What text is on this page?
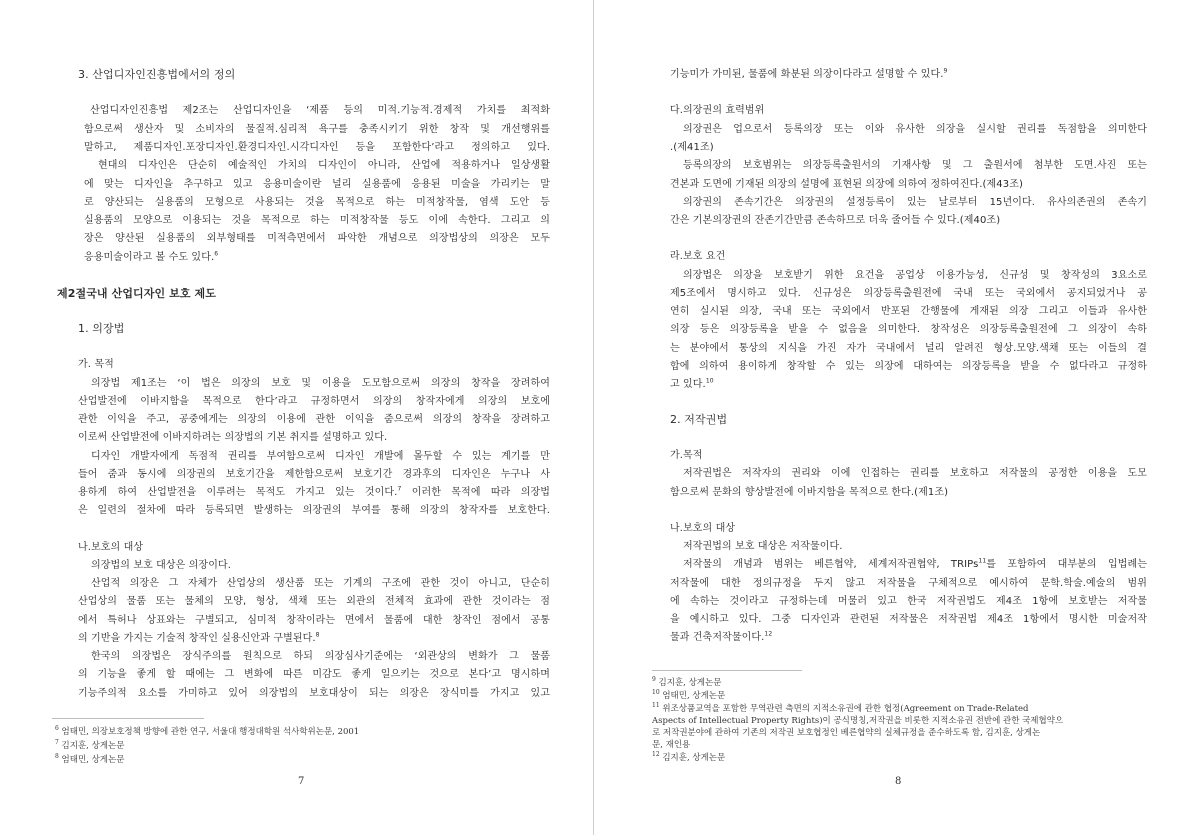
3. 산업디자인진흥법에서의 정의
산업디자인진흥법 제2조는 산업디자인을 ‘제품 등의 미적.기능적.경제적 가치를 최적화
함으로써 생산자 및 소비자의 물질적.심리적 욕구를 충족시키기 위한 창작 및 개선행위를
말하고, 제품디자인.포장디자인.환경디자인.시각디자인 등을 포함한다’라고 정의하고 있다.
현대의 디자인은 단순히 예술적인 가치의 디자인이 아니라, 산업에 적용하거나 일상생활
에 맞는 디자인을 추구하고 있고 응용미술이란 널리 실용품에 응용된 미술을 가리키는 말
로 양산되는 실용품의 모형으로 사용되는 것을 목적으로 하는 미적창작물, 염색 도안 등
실용품의 모양으로 이용되는 것을 목적으로 하는 미적창작물 등도 이에 속한다. 그리고 의
장은 양산된 실용품의 외부형태를 미적측면에서 파악한 개념으로 의장법상의 의장은 모두
응용미술이라고 볼 수도 있다.$^6$
제2절국내 산업디자인 보호 제도
1. 의장법
가. 목적
의장법 제1조는 ‘이 법은 의장의 보호 및 이용을 도모함으로써 의장의 창작을 장려하여
산업발전에 이바지함을 목적으로 한다’라고 규정하면서 의장의 창작자에게 의장의 보호에
관한 이익을 주고, 공중에게는 의장의 이용에 관한 이익을 줌으로써 의장의 창작을 장려하고
이로써 산업발전에 이바지하려는 의장법의 기본 취지를 설명하고 있다.
디자인 개발자에게 독점적 권리를 부여함으로써 디자인 개발에 몰두할 수 있는 계기를 만
들어 줌과 동시에 의장권의 보호기간을 제한함으로써 보호기간 경과후의 디자인은 누구나 사
용하게 하여 산업발전을 이루려는 목적도 가지고 있는 것이다.$^7$ 이러한 목적에 따라 의장법
은 일련의 절차에 따라 등록되면 발생하는 의장권의 부여를 통해 의장의 창작자를 보호한다.
나.보호의 대상
의장법의 보호 대상은 의장이다.
산업적 의장은 그 자체가 산업상의 생산품 또는 기계의 구조에 관한 것이 아니고, 단순히
산업상의 물품 또는 물체의 모양, 형상, 색채 또는 외관의 전체적 효과에 관한 것이라는 점
에서 특허나 상표와는 구별되고, 심미적 창작이라는 면에서 물품에 대한 창작인 점에서 공통
의 기반을 가지는 기술적 창작인 실용신안과 구별된다.$^8$
한국의 의장법은 장식주의를 원칙으로 하되 의장심사기준에는 ‘외관상의 변화가 그 물품
의 기능을 좋게 할 때에는 그 변화에 따른 미감도 좋게 일으키는 것으로 본다’고 명시하며
기능주의적 요소를 가미하고 있어 의장법의 보호대상이 되는 의장은 장식미를 가지고 있고
$^6$ 엄태민, 의장보호정책 방향에 관한 연구, 서울대 행정대학원 석사학위논문, 2001
$^7$ 김지훈, 상게논문
$^8$ 엄태민, 상게논문
7
기능미가 가미된, 물품에 화분된 의장이다라고 설명할 수 있다.$^9$
다.의장권의 효력범위
의장권은 업으로서 등록의장 또는 이와 유사한 의장을 실시할 권리를 독점함을 의미한다
.(제41조)
등록의장의 보호범위는 의장등록출원서의 기재사항 및 그 출원서에 첨부한 도면.사진 또는
견본과 도면에 기재된 의장의 설명에 표현된 의장에 의하여 정하여진다.(제43조)
의장권의 존속기간은 의장권의 설정등록이 있는 날로부터 15년이다. 유사의존권의 존속기
간은 기본의장권의 잔존기간만큼 존속하므로 더욱 줄어들 수 있다.(제40조)
라.보호 요건
의장법은 의장을 보호받기 위한 요건을 공업상 이용가능성, 신규성 및 창작성의 3요소로
제5조에서 명시하고 있다. 신규성은 의장등록출원전에 국내 또는 국외에서 공지되었거나 공
연히 실시된 의장, 국내 또는 국외에서 반포된 간행물에 게재된 의장 그리고 이들과 유사한
의장 등은 의장등록을 받을 수 없음을 의미한다. 창작성은 의장등록출원전에 그 의장이 속하
는 분야에서 통상의 지식을 가진 자가 국내에서 널리 알려진 형상.모양.색채 또는 이들의 결
합에 의하여 용이하게 창작할 수 있는 의장에 대하여는 의장등록을 받을 수 없다라고 규정하
고 있다.$^{10}$
2. 저작권법
가.목적
저작권법은 저작자의 권리와 이에 인접하는 권리를 보호하고 저작물의 공정한 이용을 도모
함으로써 문화의 향상발전에 이바지함을 목적으로 한다.(제1조)
나.보호의 대상
저작권법의 보호 대상은 저작물이다.
저작물의 개념과 범위는 베른협약, 세계저작권협약, TRIPs$^{11}$를 포함하여 대부분의 입법례는
저작물에 대한 정의규정을 두지 않고 저작물을 구체적으로 예시하여 문학.학술.예술의 범위
에 속하는 것이라고 규정하는데 머물러 있고 한국 저작권법도 제4조 1항에 보호받는 저작물
을 예시하고 있다. 그중 디자인과 관련된 저작물은 저작권법 제4조 1항에서 명시한 미술저작
물과 건축저작물이다.$^{12}$
$^9$ 김지훈, 상게논문
$^{10}$ 엄태민, 상게논문
$^{11}$ 위조상품교역을 포함한 무역관련 측면의 지적소유권에 관한 협정(Agreement on Trade-Related
Aspects of Intellectual Property Rights)이 공식명칭,저작권을 비롯한 지적소유권 전반에 관한 국제협약으
로 저작권분야에 관하여 기존의 저작권 보호협정인 베른협약의 실체규정을 준수하도록 함, 김지훈, 상게논
문, 재인용
$^{12}$ 김지훈, 상게논문
8
